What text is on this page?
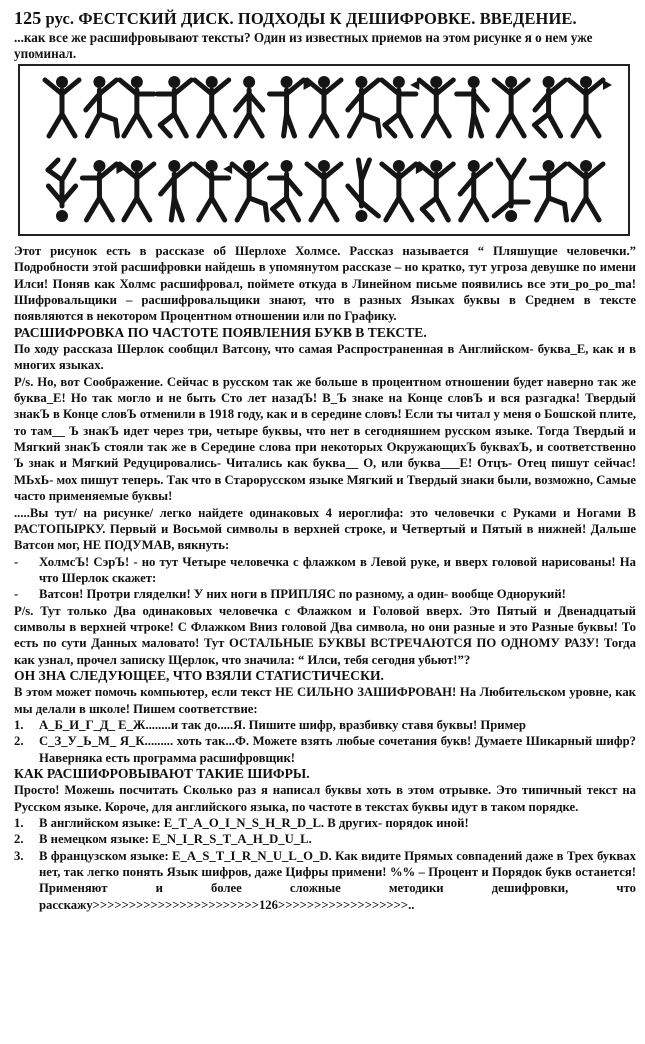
125 рус. ФЕСТСКИЙ ДИСК. ПОДХОДЫ К ДЕШИФРОВКЕ. ВВЕДЕНИЕ.
...как все же расшифровывают тексты? Один из известных приемов на этом рисунке я о нем уже упоминал.

Этот рисунок есть в рассказе об Шерлохе Холмсе. Рассказ называется “ Пляшущие человечки.” Подробности этой расшифровки найдешь в упомянутом рассказе – но кратко, тут угроза девушке по имени Илси! Поняв как Холмс расшифровал, поймете откуда в Линейном письме появились все эти_ро_ро_ma! Шифровальщики – расшифровальщики знают, что в разных Языках буквы в Среднем в тексте появляются в некотором Процентном отношении или по Графику.

РАСШИФРОВКА ПО ЧАСТОТЕ ПОЯВЛЕНИЯ БУКВ В ТЕКСТЕ.

По ходу рассказа Шерлок сообщил Ватсону, что самая Распространенная в Английском- буква_Е, как и в многих языках.

P/s. Но, вот Соображение. Сейчас в русском так же больше в процентном отношении будет наверно так же буква_Е! Но так могло и не быть Сто лет назадЪ! В_Ъ знаке на Конце словЪ и вся разгадка! Твердый знакЪ в Конце словЪ отменили в 1918 году, как и в середине словъ! Если ты читал у меня о Бошской плите, то там__ Ъ знакЪ идет через три, четыре буквы, что нет в сегодняшнем русском языке. Тогда Твердый и Мягкий знакЪ стояли так же в Середине слова при некоторых ОкружающихЪ буквахЪ, и соответственно Ъ знак и Мягкий Редуцировались- Читались как буква__ О, или буква___Е! Отцъ- Отец пишут сейчас! МЬхЬ- мох пишут теперь. Так что в Старорусском языке Мягкий и Твердый знаки были, возможно, Самые часто применяемые буквы!

.....Вы тут/ на рисунке/ легко найдете одинаковых 4 иероглифа: это человечки с Руками и Ногами В РАСТОПЫРКУ. Первый и Восьмой символы в верхней строке, и Четвертый и Пятый в нижней! Дальше Ватсон мог, НЕ ПОДУМАВ, вякнуть:

-	ХолмсЪ! СэрЪ! - но тут Четыре человечка с флажком в Левой руке, и вверх головой нарисованы! На что Шерлок скажет:
-	Ватсон! Протри гляделки! У них ноги в ПРИПЛЯС по разному, а один- вообще Однорукий!

P/s. Тут только Два одинаковых человечка с Флажком и Головой вверх. Это Пятый и Двенадцатый символы в верхней чтроке! С Флажком Вниз головой Два символа, но они разные и это Разные буквы! То есть по сути Данных маловато! Тут ОСТАЛЬНЫЕ БУКВЫ ВСТРЕЧАЮТСЯ ПО ОДНОМУ РАЗУ! Тогда как узнал, прочел записку Щерлок, что значила: “ Илси, тебя сегодня убьют!”?

ОН ЗНА СЛЕДУЮЩЕЕ, ЧТО ВЗЯЛИ СТАТИСТИЧЕСКИ.

В этом может помочь компьютер, если текст НЕ СИЛЬНО ЗАШИФРОВАН! На Любительском уровне, как мы делали в школе! Пишем соответствие:

1.	А_Б_И_Г_Д_ Е_Ж........и так до.....Я. Пишите шифр, вразбивку ставя буквы! Пример
2.	С_З_У_Ь_М_ Я_К......... хоть так...Ф. Можете взять любые сочетания букв! Думаете Шикарный шифр? Наверняка есть программа расшифровщик!

КАК РАСШИФРОВЫВАЮТ ТАКИЕ ШИФРЫ.

Просто! Можешь посчитать Сколько раз я написал буквы хоть в этом отрывке. Это типичный текст на Русском языке. Короче, для английского языка, по частоте в текстах буквы идут в таком порядке.

1.	В английском языке: E_T_A_O_I_N_S_H_R_D_L. В других- порядок иной!
2.	В немецком языке: E_N_I_R_S_T_A_H_D_U_L.
3.	В французском языке: E_A_S_T_I_R_N_U_L_O_D. Как видите Прямых совпадений даже в Трех буквах нет, так легко понять Язык шифров, даже Цифры примени! %% – Процент и Порядок букв останется! Применяют и более сложные методики дешифровки, что расскажу>>>>>>>>>>>>>>>>>>>>>>>126>>>>>>>>>>>>>>>>>>..
